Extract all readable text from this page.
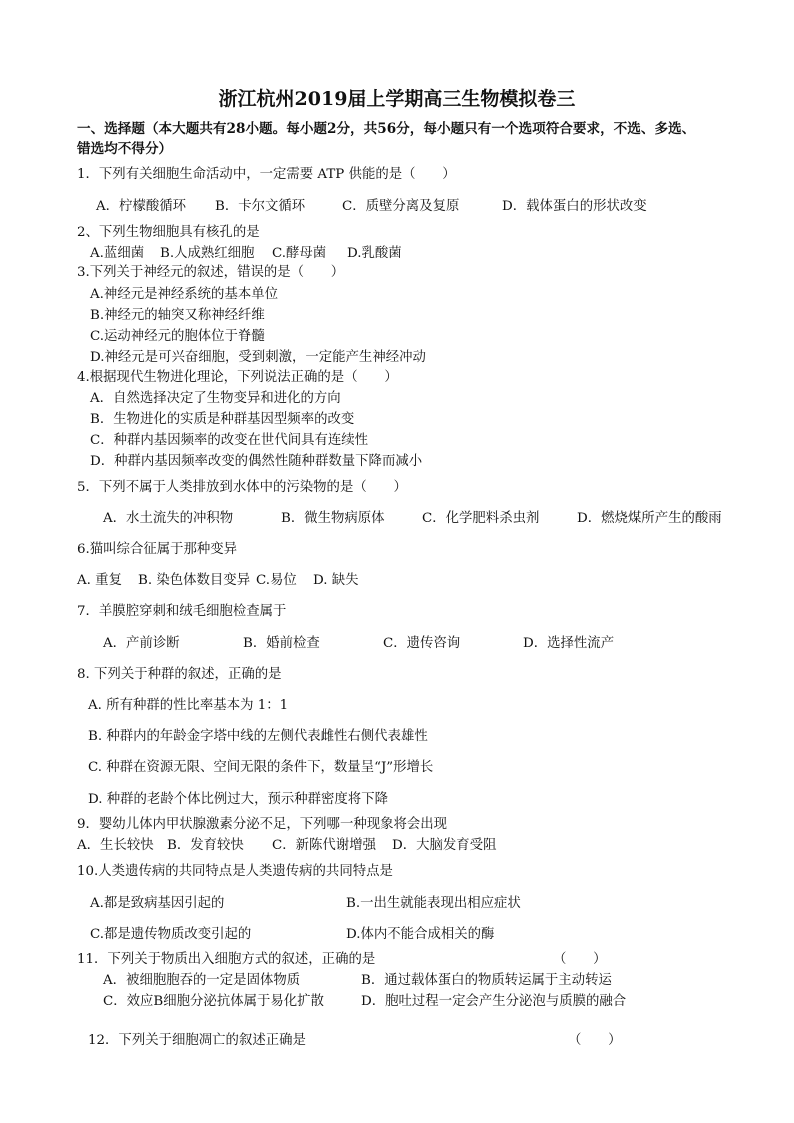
浙江杭州2019届上学期高三生物模拟卷三
一、选择题（本大题共有28小题。每小题2分，共56分，每小题只有一个选项符合要求，不选、多选、
错选均不得分）
1．下列有关细胞生命活动中，一定需要 ATP 供能的是（　　）
A．柠檬酸循环 B．卡尔文循环	C．质壁分离及复原	D．载体蛋白的形状改变
2、下列生物细胞具有核孔的是
A.蓝细菌 B.人成熟红细胞 C.酵母菌 D.乳酸菌
3.下列关于神经元的叙述，错误的是（　　）
A.神经元是神经系统的基本单位
B.神经元的轴突又称神经纤维
C.运动神经元的胞体位于脊髓
D.神经元是可兴奋细胞，受到刺激，一定能产生神经冲动
4.根据现代生物进化理论，下列说法正确的是（　　）
A．自然选择决定了生物变异和进化的方向
B．生物进化的实质是种群基因型频率的改变
C．种群内基因频率的改变在世代间具有连续性
D．种群内基因频率改变的偶然性随种群数量下降而减小
5．下列不属于人类排放到水体中的污染物的是（　　）
A．水土流失的冲积物	B．微生物病原体	C．化学肥料杀虫剂	D．燃烧煤所产生的酸雨
6.猫叫综合征属于那种变异
A. 重复 B. 染色体数目变异 C.易位 D. 缺失
7．羊膜腔穿刺和绒毛细胞检查属于
A．产前诊断	B．婚前检查	C．遗传咨询	D．选择性流产
8. 下列关于种群的叙述，正确的是
A. 所有种群的性比率基本为 1：1
B. 种群内的年龄金字塔中线的左侧代表雌性右侧代表雄性
C. 种群在资源无限、空间无限的条件下，数量呈“J”形增长
D. 种群的老龄个体比例过大，预示种群密度将下降
9．婴幼儿体内甲状腺激素分泌不足，下列哪一种现象将会出现
A．生长较快 B．发育较快 C．新陈代谢增强 D．大脑发育受阻
10.人类遗传病的共同特点是人类遗传病的共同特点是
A.都是致病基因引起的	B.一出生就能表现出相应症状
C.都是遗传物质改变引起的	D.体内不能合成相关的酶
11．下列关于物质出入细胞方式的叙述，正确的是	（　　）
A．被细胞胞吞的一定是固体物质	B．通过载体蛋白的物质转运属于主动转运
C．效应B细胞分泌抗体属于易化扩散	D．胞吐过程一定会产生分泌泡与质膜的融合
12．下列关于细胞凋亡的叙述正确是	（　　）
